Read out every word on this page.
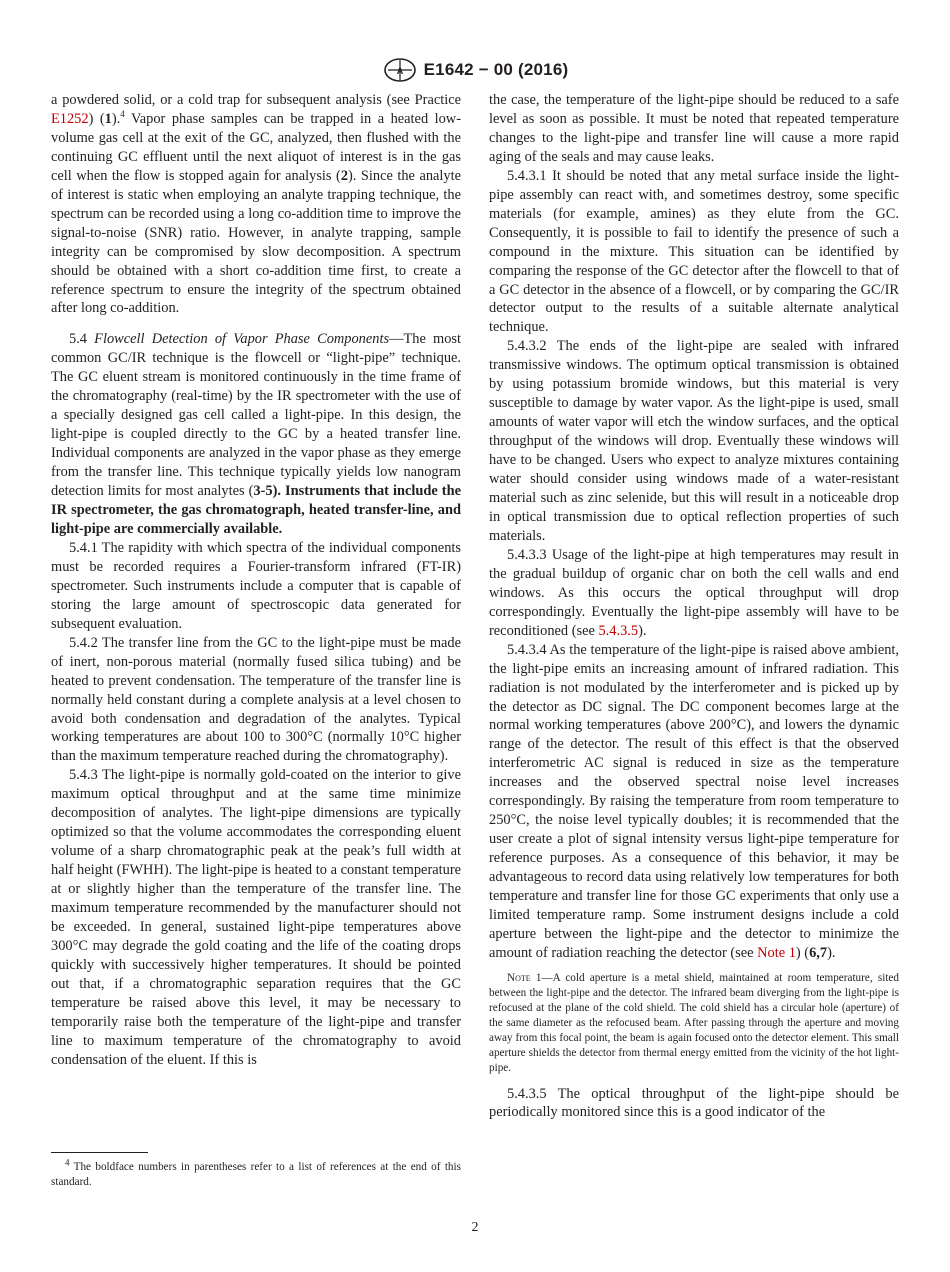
A E1642 − 00 (2016)

a powdered solid, or a cold trap for subsequent analysis (see Practice E1252) (1).$^4$ Vapor phase samples can be trapped in a heated low-volume gas cell at the exit of the GC, analyzed, then flushed with the continuing GC effluent until the next aliquot of interest is in the gas cell when the flow is stopped again for analysis (2). Since the analyte of interest is static when employing an analyte trapping technique, the spectrum can be recorded using a long co-addition time to improve the signal-to-noise (SNR) ratio. However, in analyte trapping, sample integrity can be compromised by slow decomposition. A spectrum should be obtained with a short co-addition time first, to create a reference spectrum to ensure the integrity of the spectrum obtained after long co-addition.

5.4 Flowcell Detection of Vapor Phase Components—The most common GC/IR technique is the flowcell or “light-pipe” technique. The GC eluent stream is monitored continuously in the time frame of the chromatography (real-time) by the IR spectrometer with the use of a specially designed gas cell called a light-pipe. In this design, the light-pipe is coupled directly to the GC by a heated transfer line. Individual components are analyzed in the vapor phase as they emerge from the transfer line. This technique typically yields low nanogram detection limits for most analytes (3-5). Instruments that include the IR spectrometer, the gas chromatograph, heated transfer-line, and light-pipe are commercially available.

5.4.1 The rapidity with which spectra of the individual components must be recorded requires a Fourier-transform infrared (FT-IR) spectrometer. Such instruments include a computer that is capable of storing the large amount of spectroscopic data generated for subsequent evaluation.

5.4.2 The transfer line from the GC to the light-pipe must be made of inert, non-porous material (normally fused silica tubing) and be heated to prevent condensation. The temperature of the transfer line is normally held constant during a complete analysis at a level chosen to avoid both condensation and degradation of the analytes. Typical working temperatures are about 100 to 300°C (normally 10°C higher than the maximum temperature reached during the chromatography).

5.4.3 The light-pipe is normally gold-coated on the interior to give maximum optical throughput and at the same time minimize decomposition of analytes. The light-pipe dimensions are typically optimized so that the volume accommodates the corresponding eluent volume of a sharp chromatographic peak at the peak’s full width at half height (FWHH). The light-pipe is heated to a constant temperature at or slightly higher than the temperature of the transfer line. The maximum temperature recommended by the manufacturer should not be exceeded. In general, sustained light-pipe temperatures above 300°C may degrade the gold coating and the life of the coating drops quickly with successively higher temperatures. It should be pointed out that, if a chromatographic separation requires that the GC temperature be raised above this level, it may be necessary to temporarily raise both the temperature of the light-pipe and transfer line to maximum temperature of the chromatography to avoid condensation of the eluent. If this is

the case, the temperature of the light-pipe should be reduced to a safe level as soon as possible. It must be noted that repeated temperature changes to the light-pipe and transfer line will cause a more rapid aging of the seals and may cause leaks.

5.4.3.1 It should be noted that any metal surface inside the light-pipe assembly can react with, and sometimes destroy, some specific materials (for example, amines) as they elute from the GC. Consequently, it is possible to fail to identify the presence of such a compound in the mixture. This situation can be identified by comparing the response of the GC detector after the flowcell to that of a GC detector in the absence of a flowcell, or by comparing the GC/IR detector output to the results of a suitable alternate analytical technique.

5.4.3.2 The ends of the light-pipe are sealed with infrared transmissive windows. The optimum optical transmission is obtained by using potassium bromide windows, but this material is very susceptible to damage by water vapor. As the light-pipe is used, small amounts of water vapor will etch the window surfaces, and the optical throughput of the windows will drop. Eventually these windows will have to be changed. Users who expect to analyze mixtures containing water should consider using windows made of a water-resistant material such as zinc selenide, but this will result in a noticeable drop in optical transmission due to optical reflection properties of such materials.

5.4.3.3 Usage of the light-pipe at high temperatures may result in the gradual buildup of organic char on both the cell walls and end windows. As this occurs the optical throughput will drop correspondingly. Eventually the light-pipe assembly will have to be reconditioned (see 5.4.3.5).

5.4.3.4 As the temperature of the light-pipe is raised above ambient, the light-pipe emits an increasing amount of infrared radiation. This radiation is not modulated by the interferometer and is picked up by the detector as DC signal. The DC component becomes large at the normal working temperatures (above 200°C), and lowers the dynamic range of the detector. The result of this effect is that the observed interferometric AC signal is reduced in size as the temperature increases and the observed spectral noise level increases correspondingly. By raising the temperature from room temperature to 250°C, the noise level typically doubles; it is recommended that the user create a plot of signal intensity versus light-pipe temperature for reference purposes. As a consequence of this behavior, it may be advantageous to record data using relatively low temperatures for both temperature and transfer line for those GC experiments that only use a limited temperature ramp. Some instrument designs include a cold aperture between the light-pipe and the detector to minimize the amount of radiation reaching the detector (see Note 1) (6,7).

Note 1—A cold aperture is a metal shield, maintained at room temperature, sited between the light-pipe and the detector. The infrared beam diverging from the light-pipe is refocused at the plane of the cold shield. The cold shield has a circular hole (aperture) of the same diameter as the refocused beam. After passing through the aperture and moving away from this focal point, the beam is again focused onto the detector element. This small aperture shields the detector from thermal energy emitted from the vicinity of the hot light-pipe.

5.4.3.5 The optical throughput of the light-pipe should be periodically monitored since this is a good indicator of the

$^4$ The boldface numbers in parentheses refer to a list of references at the end of this standard.
2
